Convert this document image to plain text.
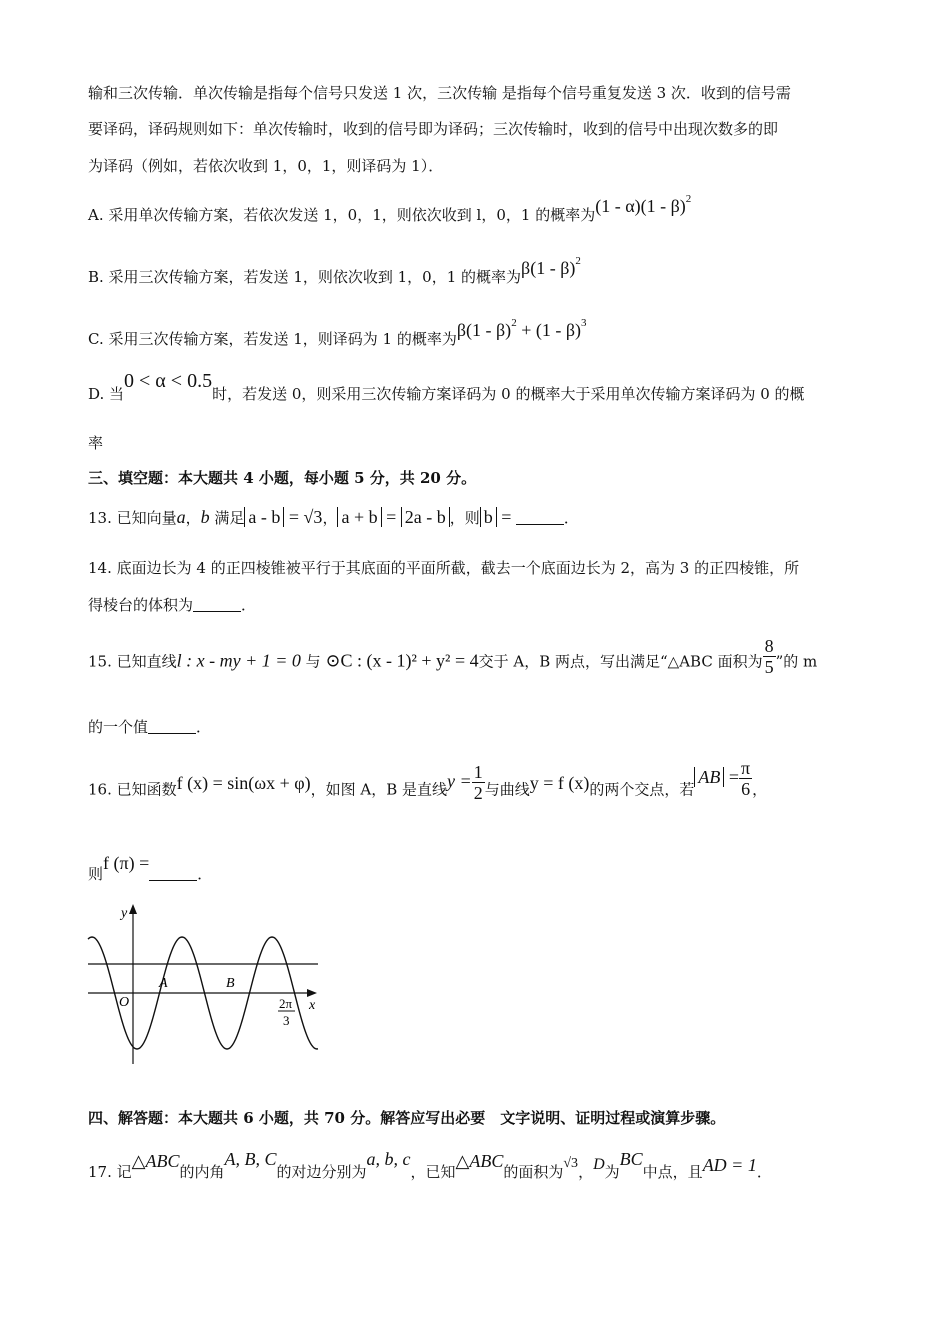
输和三次传输．单次传输是指每个信号只发送 1 次，三次传输 是指每个信号重复发送 3 次．收到的信号需
要译码，译码规则如下：单次传输时，收到的信号即为译码；三次传输时，收到的信号中出现次数多的即
为译码（例如，若依次收到 1，0，1，则译码为 1）．
A. 采用单次传输方案，若依次发送 1，0，1，则依次收到 l，0，1 的概率为(1 - α)(1 - β)$^2$
B. 采用三次传输方案，若发送 1，则依次收到 1，0，1 的概率为β(1 - β)$^2$
C. 采用三次传输方案，若发送 1，则译码为 1 的概率为β(1 - β)$^2$ + (1 - β)$^3$
D. 当0 < α < 0.5时，若发送 0，则采用三次传输方案译码为 0 的概率大于采用单次传输方案译码为 0 的概
率
三、填空题：本大题共 4 小题，每小题 5 分，共 20 分。
13. 已知向量a，b 满足 a - b = √3， a + b = 2a - b ，则 b =	．
14. 底面边长为 4 的正四棱锥被平行于其底面的平面所截，截去一个底面边长为 2，高为 3 的正四棱锥，所
得棱台的体积为	．
15. 已知直线l : x - my + 1 = 0 与 ⊙C : (x - 1)² + y² = 4交于 A，B 两点，写出满足“△ABC 面积为 $\frac{8}{5}$ ”的 m
的一个值	．
16. 已知函数f (x) = sin(ωx + φ)，如图 A，B 是直线$y = \frac{1}{2}$ 与曲线y = f (x)的两个交点，若AB = $\frac{\pi}{6}$ ，
则f (π) =．
y
x
O
A	B
2π
3
四、解答题：本大题共 6 小题，共 70 分。解答应写出必要　文字说明、证明过程或演算步骤。
17. 记△ABC的内角A, B, C的对边分别为a, b, c，已知△ABC的面积为√3，D为BC中点，且AD = 1．
